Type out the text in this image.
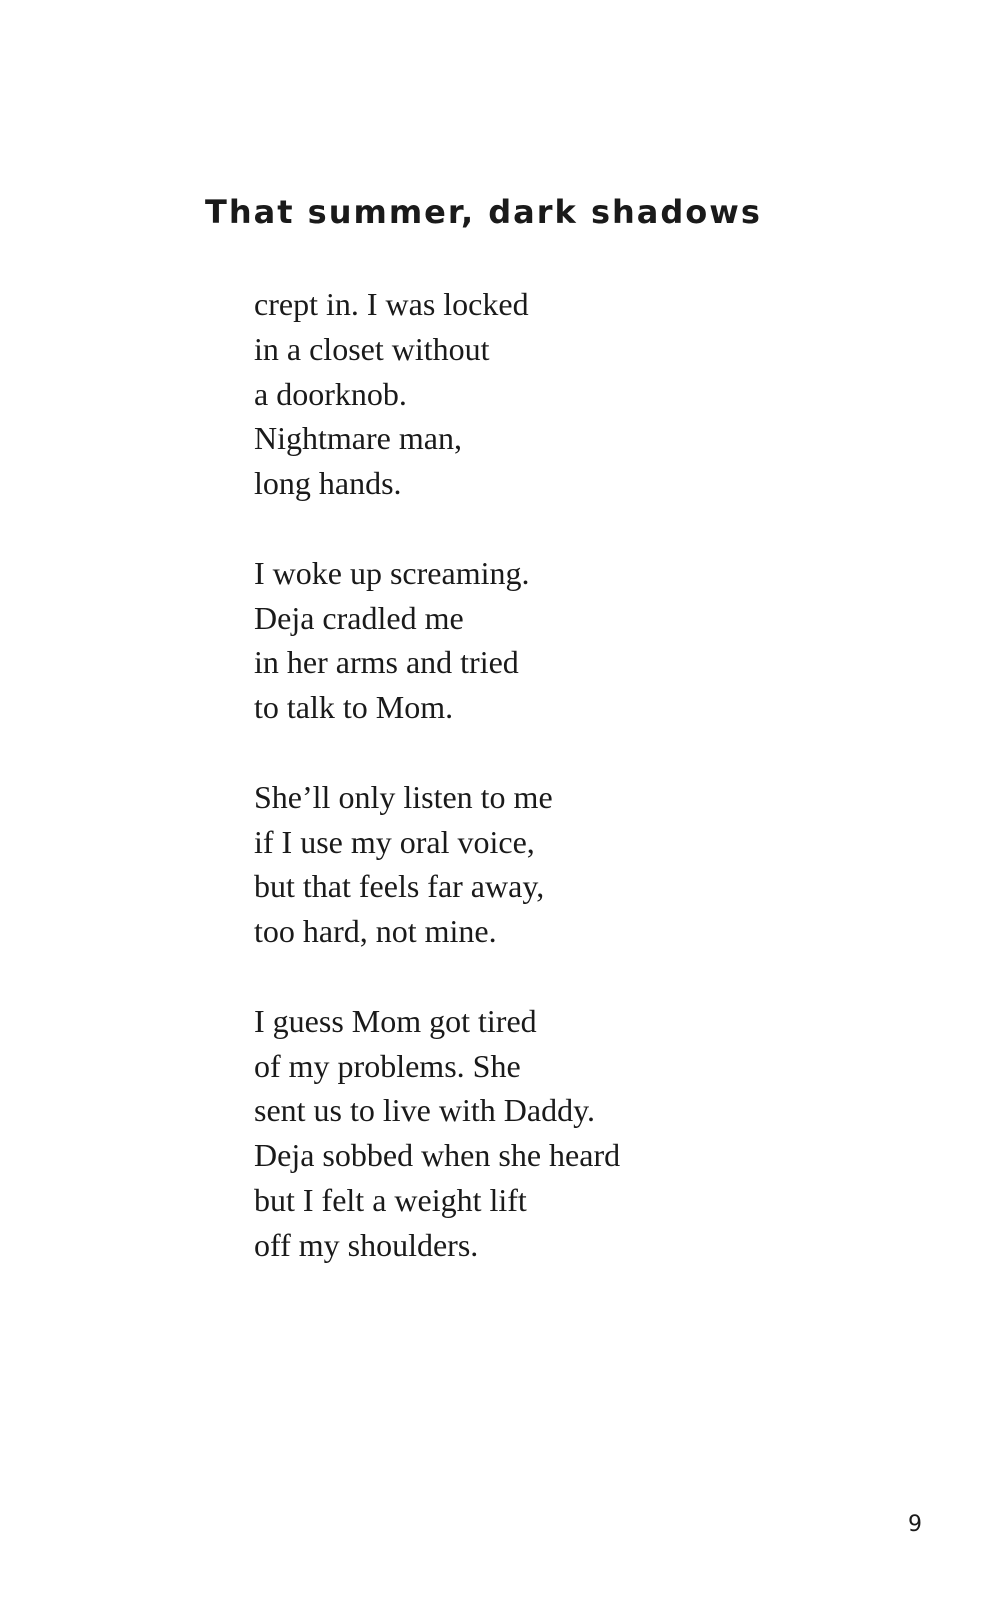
That summer, dark shadows
crept in. I was locked
in a closet without
a doorknob.
Nightmare man,
long hands.
I woke up screaming.
Deja cradled me
in her arms and tried
to talk to Mom.
She’ll only listen to me
if I use my oral voice,
but that feels far away,
too hard, not mine.
I guess Mom got tired
of my problems. She
sent us to live with Daddy.
Deja sobbed when she heard
but I felt a weight lift
off my shoulders.
9
